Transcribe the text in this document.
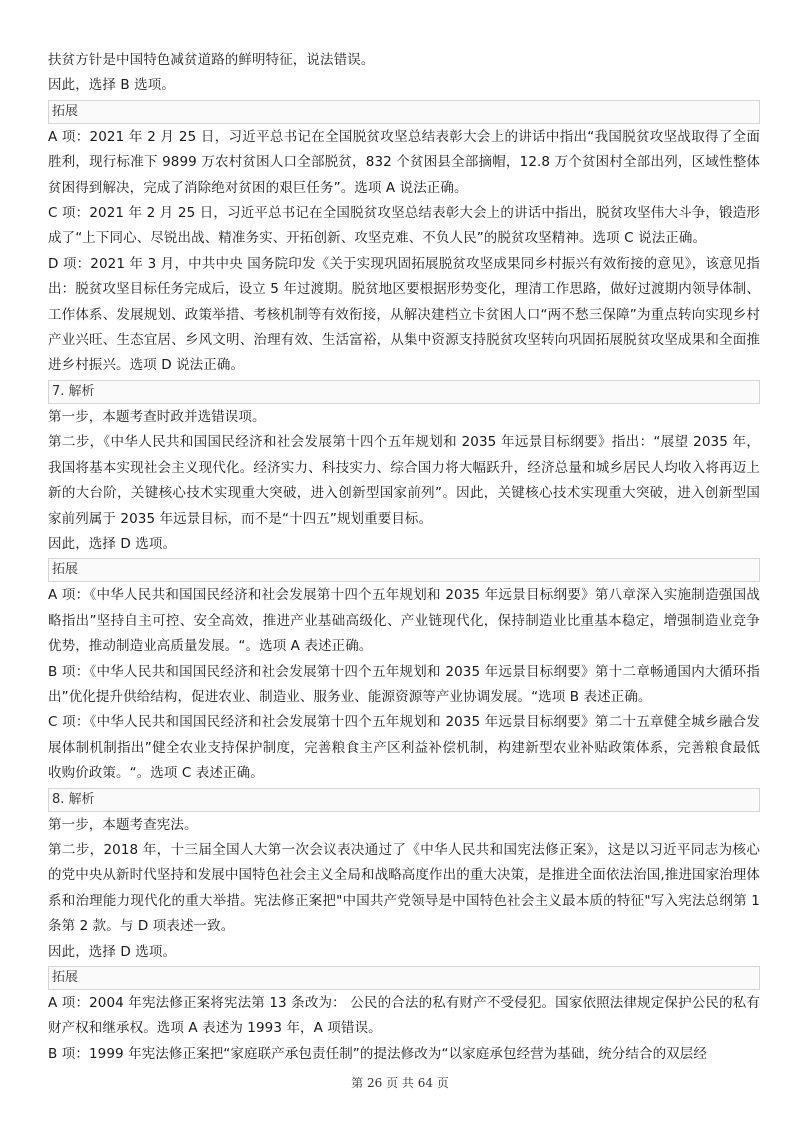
扶贫方针是中国特色减贫道路的鲜明特征，说法错误。

因此，选择 B 选项。

拓展

A 项：2021 年 2 月 25 日，习近平总书记在全国脱贫攻坚总结表彰大会上的讲话中指出“我国脱贫攻坚战取得了全面胜利，现行标准下 9899 万农村贫困人口全部脱贫，832 个贫困县全部摘帽，12.8 万个贫困村全部出列，区域性整体贫困得到解决，完成了消除绝对贫困的艰巨任务”。选项 A 说法正确。

C 项：2021 年 2 月 25 日，习近平总书记在全国脱贫攻坚总结表彰大会上的讲话中指出，脱贫攻坚伟大斗争，锻造形成了“上下同心、尽锐出战、精准务实、开拓创新、攻坚克难、不负人民”的脱贫攻坚精神。选项 C 说法正确。

D 项：2021 年 3 月，中共中央 国务院印发《关于实现巩固拓展脱贫攻坚成果同乡村振兴有效衔接的意见》，该意见指出：脱贫攻坚目标任务完成后，设立 5 年过渡期。脱贫地区要根据形势变化，理清工作思路，做好过渡期内领导体制、工作体系、发展规划、政策举措、考核机制等有效衔接，从解决建档立卡贫困人口“两不愁三保障”为重点转向实现乡村产业兴旺、生态宜居、乡风文明、治理有效、生活富裕，从集中资源支持脱贫攻坚转向巩固拓展脱贫攻坚成果和全面推进乡村振兴。选项 D 说法正确。

7. 解析

第一步，本题考查时政并选错误项。

第二步，《中华人民共和国国民经济和社会发展第十四个五年规划和 2035 年远景目标纲要》指出：“展望 2035 年，我国将基本实现社会主义现代化。经济实力、科技实力、综合国力将大幅跃升，经济总量和城乡居民人均收入将再迈上新的大台阶，关键核心技术实现重大突破，进入创新型国家前列”。因此，关键核心技术实现重大突破，进入创新型国家前列属于 2035 年远景目标，而不是“十四五”规划重要目标。

因此，选择 D 选项。

拓展

A 项：《中华人民共和国国民经济和社会发展第十四个五年规划和 2035 年远景目标纲要》第八章深入实施制造强国战略指出”坚持自主可控、安全高效，推进产业基础高级化、产业链现代化，保持制造业比重基本稳定，增强制造业竞争优势，推动制造业高质量发展。“。选项 A 表述正确。

B 项：《中华人民共和国国民经济和社会发展第十四个五年规划和 2035 年远景目标纲要》第十二章畅通国内大循环指出”优化提升供给结构，促进农业、制造业、服务业、能源资源等产业协调发展。“选项 B 表述正确。

C 项：《中华人民共和国国民经济和社会发展第十四个五年规划和 2035 年远景目标纲要》第二十五章健全城乡融合发展体制机制指出”健全农业支持保护制度，完善粮食主产区利益补偿机制，构建新型农业补贴政策体系，完善粮食最低收购价政策。“。选项 C 表述正确。

8. 解析

第一步，本题考查宪法。

第二步，2018 年，十三届全国人大第一次会议表决通过了《中华人民共和国宪法修正案》，这是以习近平同志为核心的党中央从新时代坚持和发展中国特色社会主义全局和战略高度作出的重大决策，是推进全面依法治国,推进国家治理体系和治理能力现代化的重大举措。宪法修正案把"中国共产党领导是中国特色社会主义最本质的特征"写入宪法总纲第 1 条第 2 款。与 D 项表述一致。

因此，选择 D 选项。

拓展

A 项：2004 年宪法修正案将宪法第 13 条改为： 公民的合法的私有财产不受侵犯。国家依照法律规定保护公民的私有财产权和继承权。选项 A 表述为 1993 年，A 项错误。

B 项：1999 年宪法修正案把“家庭联产承包责任制”的提法修改为“以家庭承包经营为基础，统分结合的双层经

第 26 页 共 64 页
